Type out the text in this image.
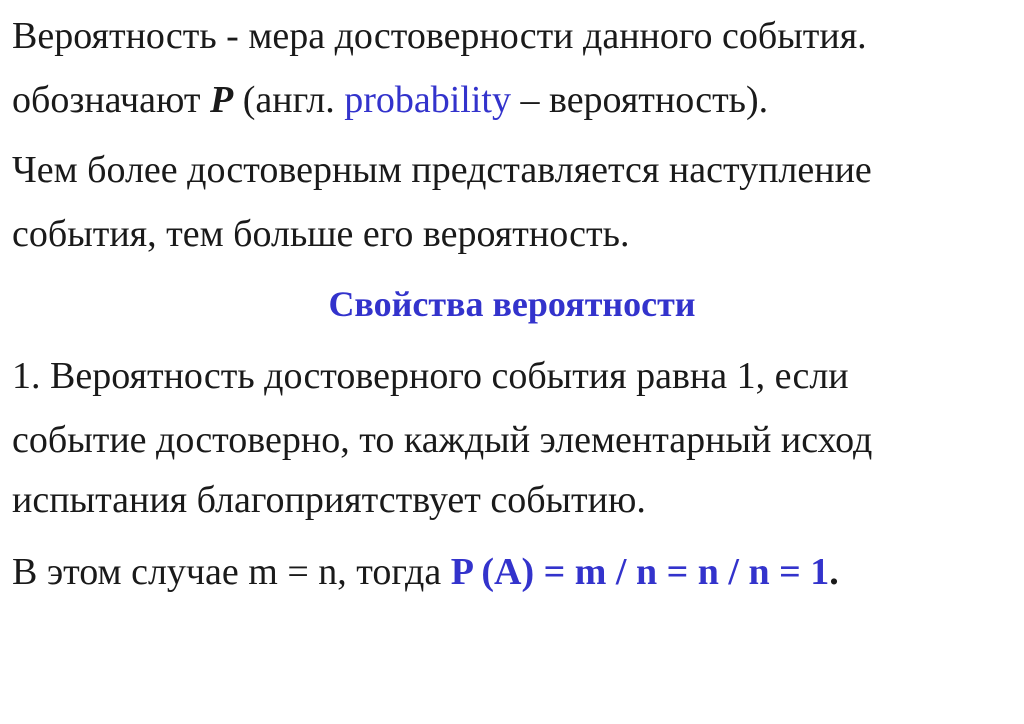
Вероятность - мера достоверности данного события.
обозначают P (англ. probability – вероятность).
Чем более достоверным представляется наступление
события, тем больше его вероятность.
Свойства вероятности
1. Вероятность достоверного события равна 1, если
событие достоверно, то каждый элементарный исход
испытания благоприятствует событию.
В этом случае m = n, тогда P (A) = m / n = n / n = 1.
